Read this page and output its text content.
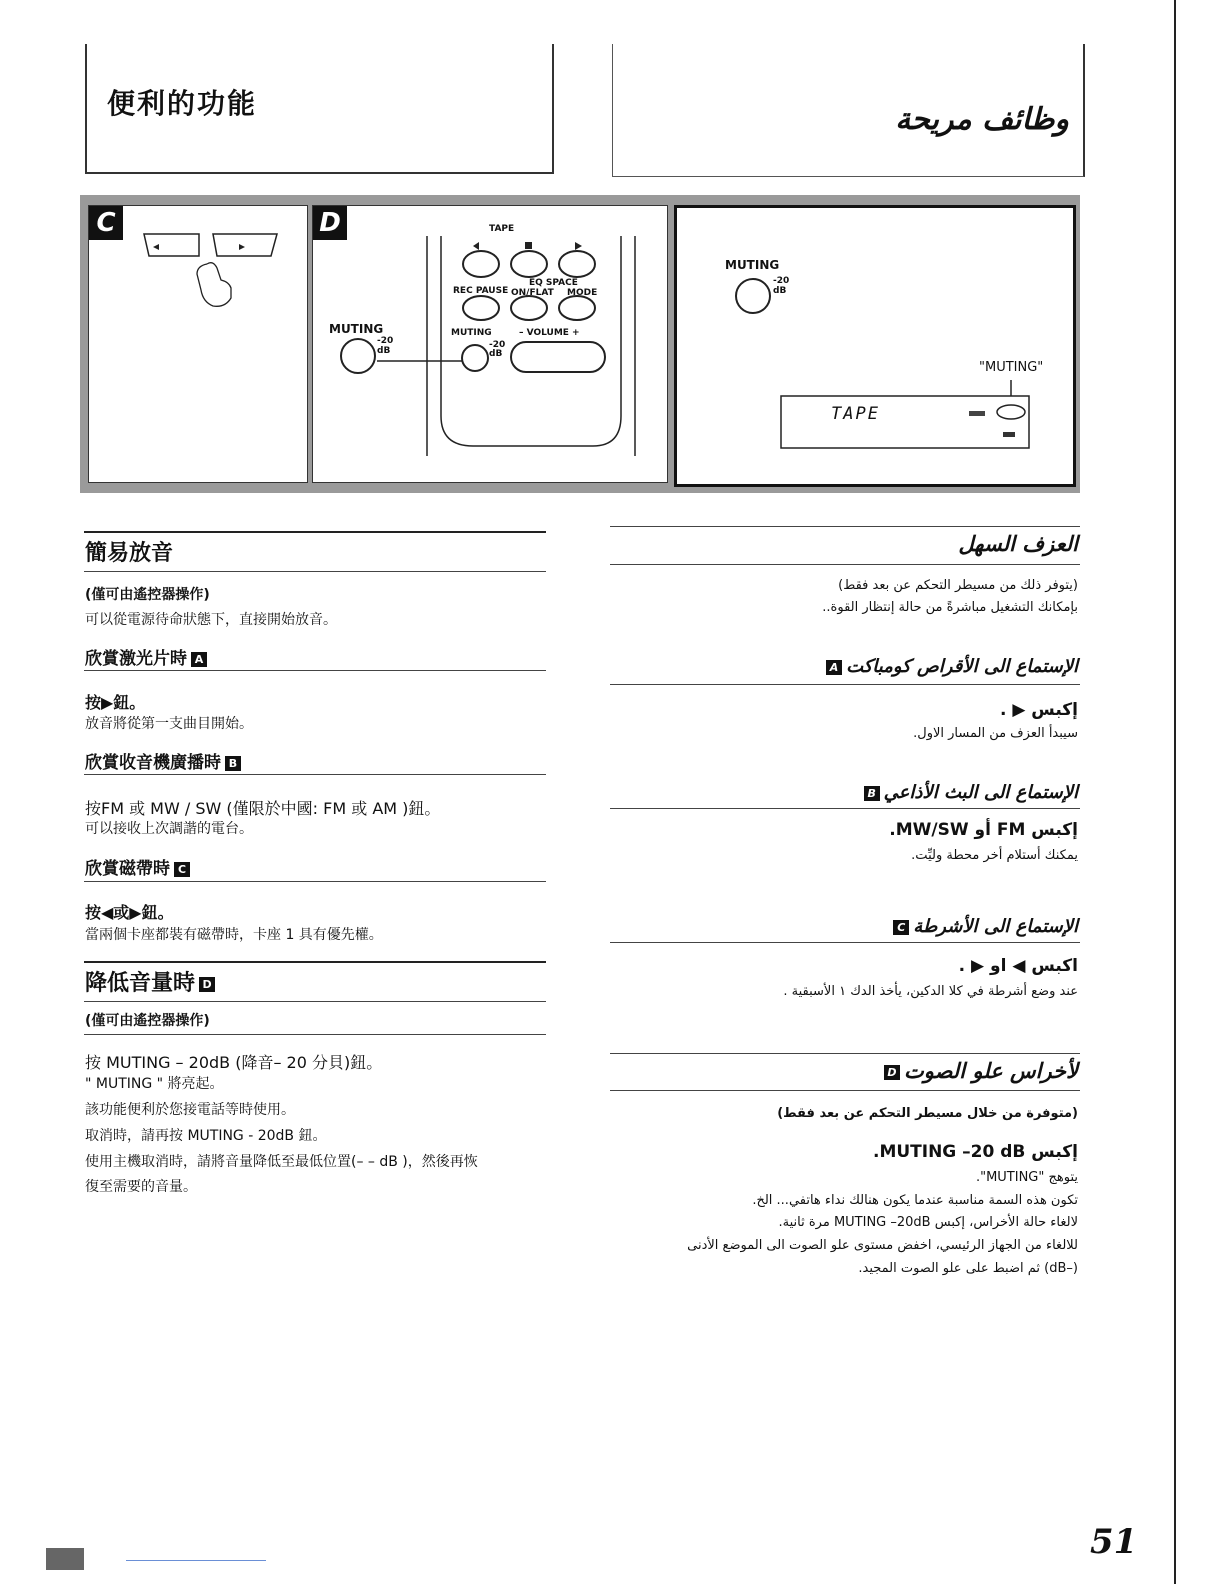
便利的功能	وظائف مريحة
C	D	TAPE
REC PAUSE
EQ SPACE
ON/FLAT MODE
MUTING
-20
dB
MUTING
-20
dB
– VOLUME +
MUTING
-20
dB
"MUTING"
TAPE
簡易放音
(僅可由遙控器操作)
可以從電源待命狀態下，直接開始放音。
欣賞激光片時 A
按▶鈕。
放音將從第一支曲目開始。
欣賞收音機廣播時 B
按FM 或 MW / SW (僅限於中國: FM 或 AM )鈕。
可以接收上次調諧的電台。
欣賞磁帶時 C
按◀或▶鈕。
當兩個卡座都裝有磁帶時，卡座 1 具有優先權。
降低音量時 D
(僅可由遙控器操作)
按 MUTING – 20dB (降音– 20 分貝)鈕。
" MUTING " 將亮起。
該功能便利於您接電話等時使用。
取消時，請再按 MUTING - 20dB 鈕。
使用主機取消時，請將音量降低至最低位置(– – dB )，然後再恢
復至需要的音量。
العزف السهل
(يتوفر ذلك من مسيطر التحكم عن بعد فقط)
بإمكانك التشغيل مباشرةً من حالة إنتظار القوة..
الإستماع الى الأقراص كومباكتA
إكبس ▶ .
سيبدأ العزف من المسار الاول.
الإستماع الى البث الأذاعيB
إكبس FM أو MW/SW.
يمكنك أستلام أخر محطة وليِّت.
الإستماع الى الأشرطةC
اكبس ◀ او ▶ .
عند وضع أشرطة في كلا الدكين، يأخذ الدك ١ الأسبقية .
لأخراس علو الصوتD
(متوفرة من خلال مسيطر التحكم عن بعد فقط)
إكبس MUTING –20 dB.
يتوهج "MUTING".
تكون هذه السمة مناسبة عندما يكون هنالك نداء هاتفي... الخ.
لالغاء حالة الأخراس، إكبس MUTING –20dB مرة ثانية.
للالغاء من الجهاز الرئيسي، اخفض مستوى علو الصوت الى الموضع الأدنى
(–dB) ثم اضبط على علو الصوت المجيد.
51
